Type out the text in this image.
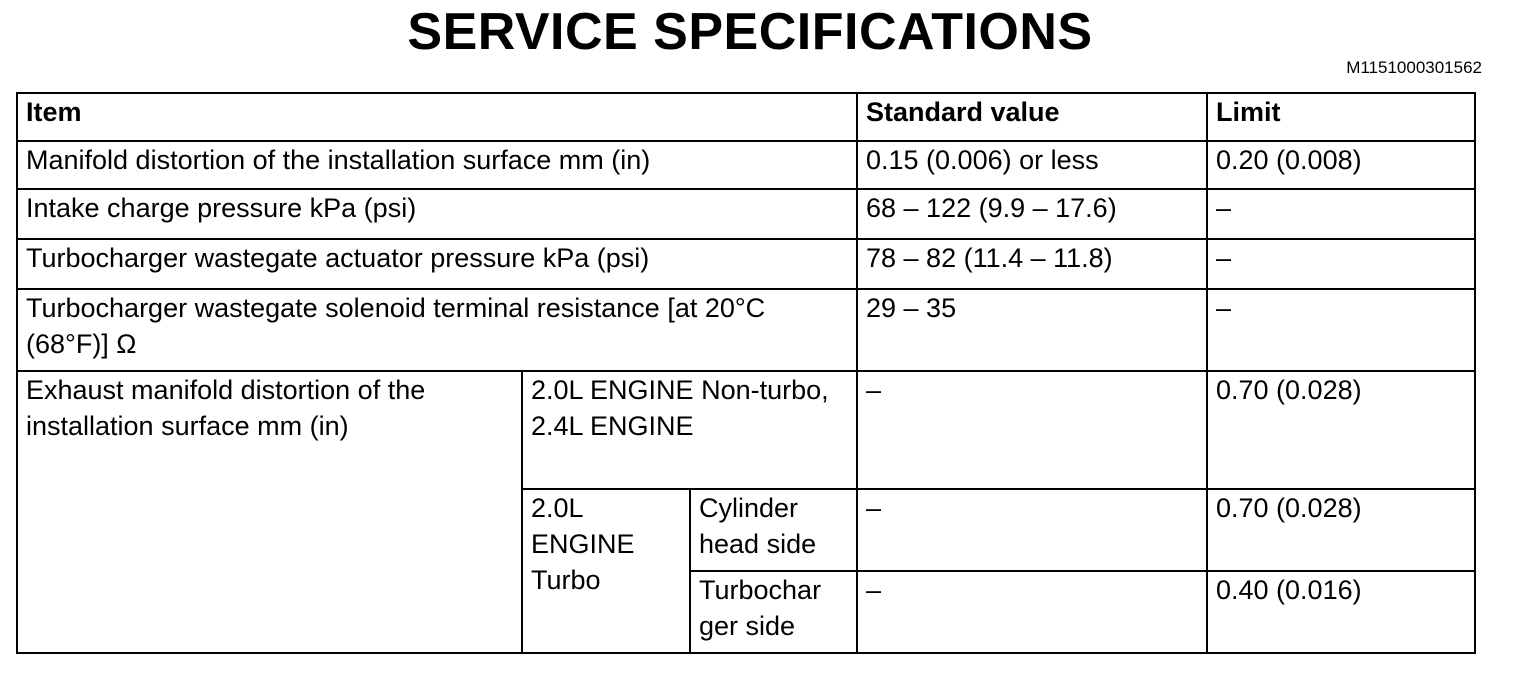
SERVICE SPECIFICATIONS
M1151000301562
Item			Standard value	Limit
Manifold distortion of the installation surface mm (in)			0.15 (0.006) or less	0.20 (0.008)
Intake charge pressure kPa (psi)			68 – 122 (9.9 – 17.6)	–
Turbocharger wastegate actuator pressure kPa (psi)			78 – 82 (11.4 – 11.8)	–
Turbocharger wastegate solenoid terminal resistance [at 20°C (68°F)] Ω			29 – 35	–
Exhaust manifold distortion of the installation surface mm (in)	2.0L ENGINE Non-turbo, 2.4L ENGINE		–	0.70 (0.028)
	2.0L ENGINE Turbo	Cylinder head side	–	0.70 (0.028)
		Turbochar ger side	–	0.40 (0.016)
